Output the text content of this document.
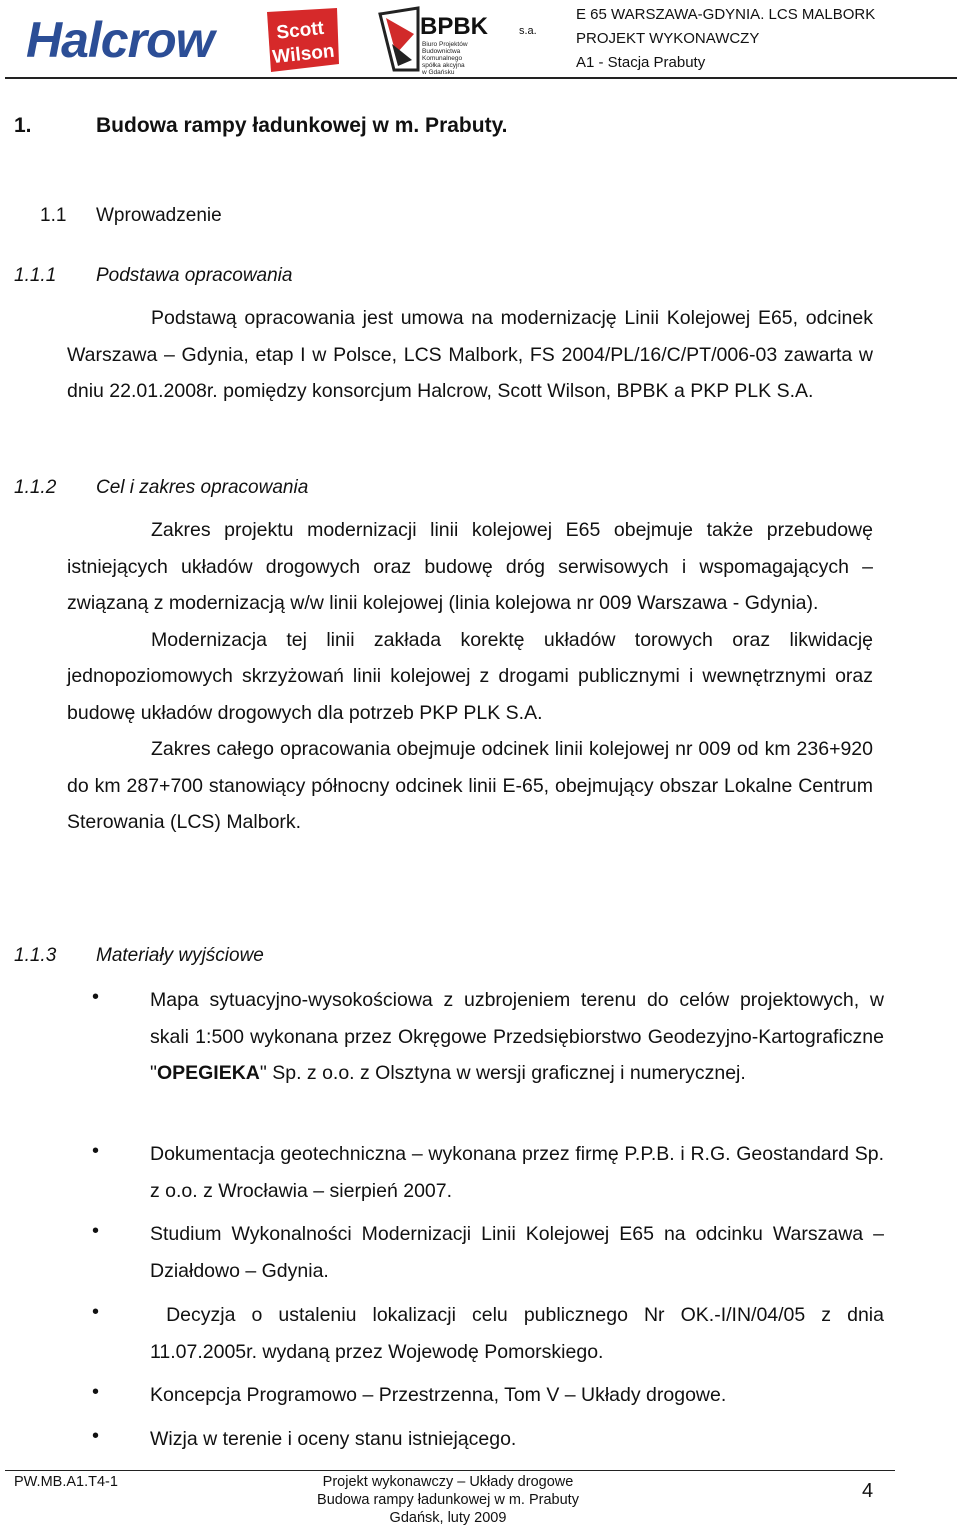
Halcrow	Scott
Wilson
BPBK	s.a.
Biuro Projektów
Budownictwa
Komunalnego
spółka akcyjna
w Gdańsku
E 65 WARSZAWA-GDYNIA. LCS MALBORK
PROJEKT WYKONAWCZY
A1 - Stacja Prabuty
1.	Budowa rampy ładunkowej w m. Prabuty.
1.1 Wprowadzenie
1.1.1 Podstawa opracowania

Podstawą opracowania jest umowa na modernizację Linii Kolejowej E65, odcinek Warszawa – Gdynia, etap I w Polsce, LCS Malbork, FS 2004/PL/16/C/PT/006-03 zawarta w dniu 22.01.2008r. pomiędzy konsorcjum Halcrow, Scott Wilson, BPBK a PKP PLK S.A.

1.1.2 Cel i zakres opracowania

Zakres projektu modernizacji linii kolejowej E65 obejmuje także przebudowę istniejących układów drogowych oraz budowę dróg serwisowych i wspomagających – związaną z modernizacją w/w linii kolejowej (linia kolejowa nr 009 Warszawa - Gdynia).

Modernizacja tej linii zakłada korektę układów torowych oraz likwidację jednopoziomowych skrzyżowań linii kolejowej z drogami publicznymi i wewnętrznymi oraz budowę układów drogowych dla potrzeb PKP PLK S.A.

Zakres całego opracowania obejmuje odcinek linii kolejowej nr 009 od km 236+920 do km 287+700 stanowiący północny odcinek linii E-65, obejmujący obszar Lokalne Centrum Sterowania (LCS) Malbork.

1.1.3 Materiały wyjściowe
•	Mapa sytuacyjno-wysokościowa z uzbrojeniem terenu do celów projektowych, w skali 1:500 wykonana przez Okręgowe Przedsiębiorstwo Geodezyjno-Kartograficzne "OPEGIEKA" Sp. z o.o. z Olsztyna w wersji graficznej i numerycznej.
•	Dokumentacja geotechniczna – wykonana przez firmę P.P.B. i R.G. Geostandard Sp. z o.o. z Wrocławia – sierpień 2007.
•	Studium Wykonalności Modernizacji Linii Kolejowej E65 na odcinku Warszawa – Działdowo – Gdynia.
•	Decyzja o ustaleniu lokalizacji celu publicznego Nr OK.-I/IN/04/05 z dnia 11.07.2005r. wydaną przez Wojewodę Pomorskiego.
•	Koncepcja Programowo – Przestrzenna, Tom V – Układy drogowe.
•	Wizja w terenie i oceny stanu istniejącego.
PW.MB.A1.T4-1	Projekt wykonawczy – Układy drogowe
Budowa rampy ładunkowej w m. Prabuty
Gdańsk, luty 2009
4
